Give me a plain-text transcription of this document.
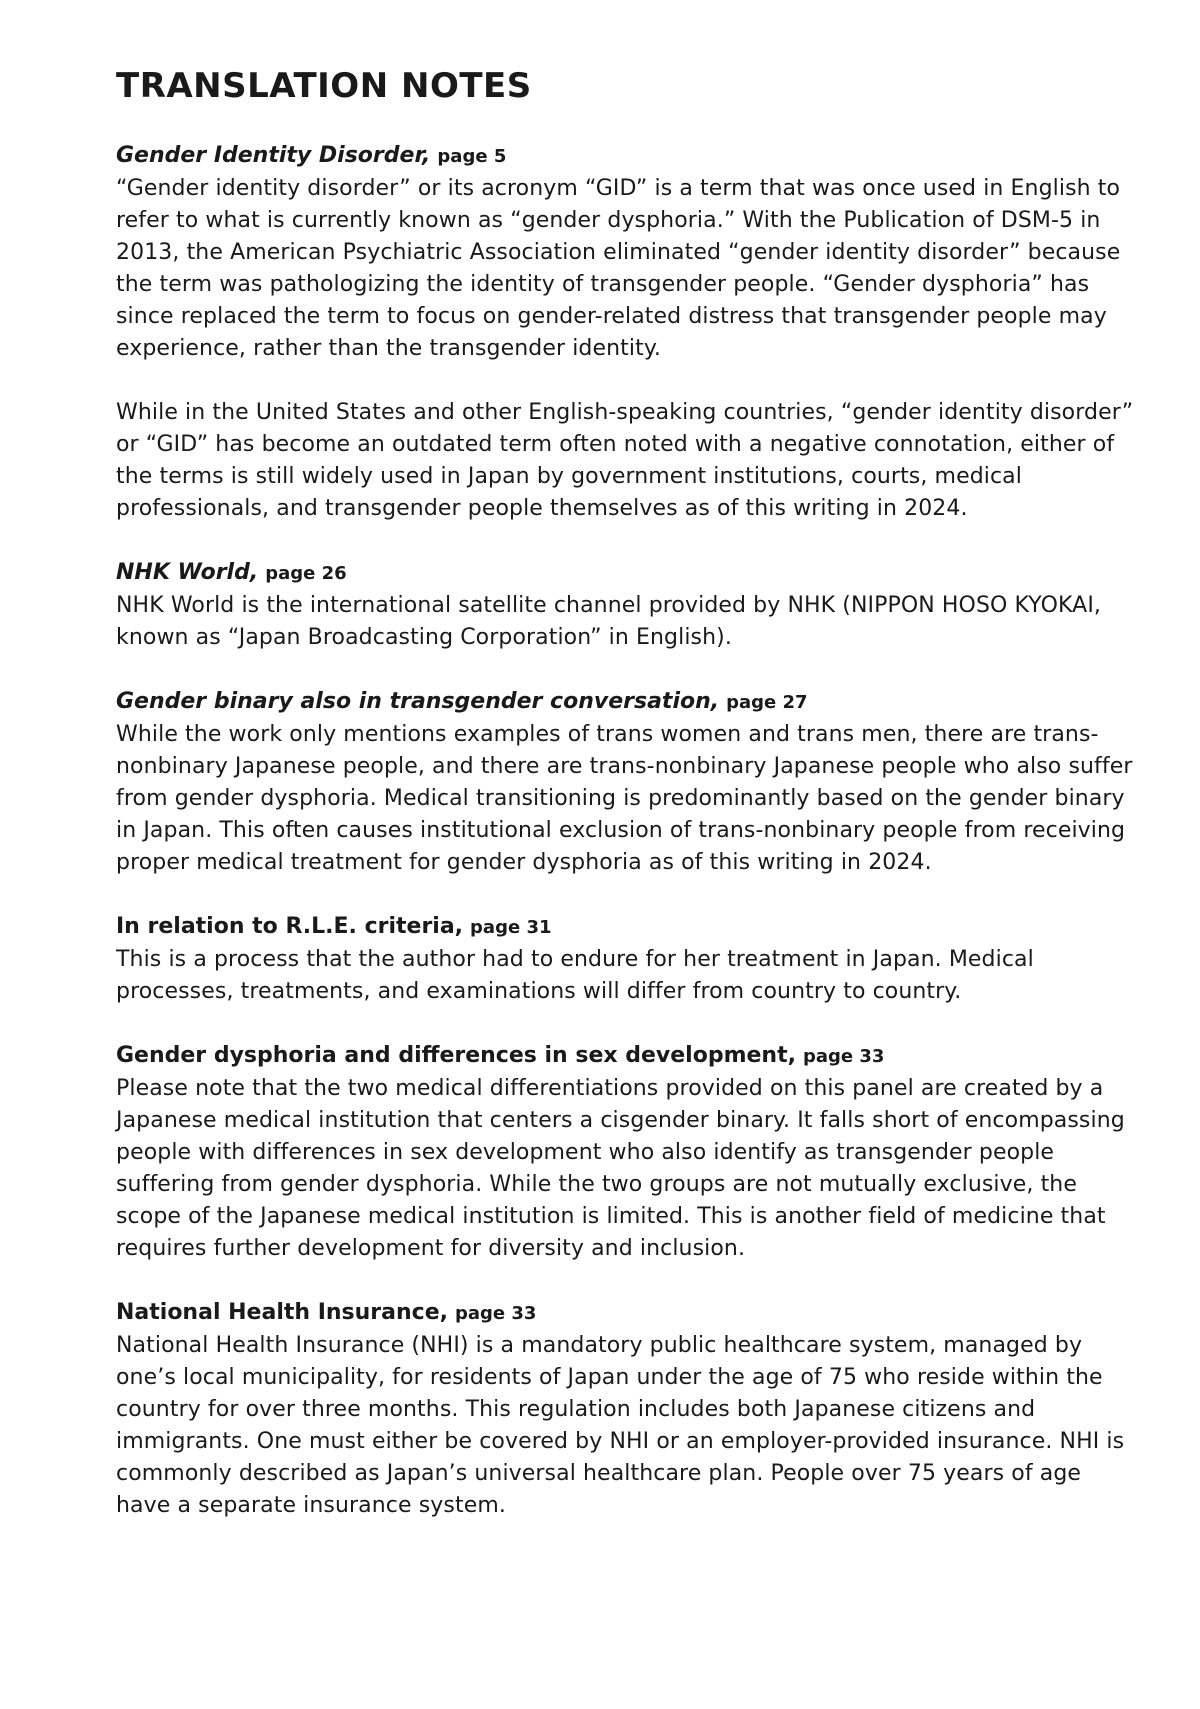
TRANSLATION NOTES

Gender Identity Disorder, page 5

“Gender identity disorder” or its acronym “GID” is a term that was once used in English to refer to what is currently known as “gender dysphoria.” With the Publication of DSM-5 in 2013, the American Psychiatric Association eliminated “gender identity disorder” because the term was pathologizing the identity of transgender people. “Gender dysphoria” has since replaced the term to focus on gender-related distress that transgender people may experience, rather than the transgender identity.

While in the United States and other English-speaking countries, “gender identity disorder” or “GID” has become an outdated term often noted with a negative connotation, either of the terms is still widely used in Japan by government institutions, courts, medical professionals, and transgender people themselves as of this writing in 2024.

NHK World, page 26

NHK World is the international satellite channel provided by NHK (NIPPON HOSO KYOKAI, known as “Japan Broadcasting Corporation” in English).

Gender binary also in transgender conversation, page 27

While the work only mentions examples of trans women and trans men, there are trans-nonbinary Japanese people, and there are trans-nonbinary Japanese people who also suffer from gender dysphoria. Medical transitioning is predominantly based on the gender binary in Japan. This often causes institutional exclusion of trans-nonbinary people from receiving proper medical treatment for gender dysphoria as of this writing in 2024.

In relation to R.L.E. criteria, page 31

This is a process that the author had to endure for her treatment in Japan. Medical processes, treatments, and examinations will differ from country to country.

Gender dysphoria and differences in sex development, page 33

Please note that the two medical differentiations provided on this panel are created by a Japanese medical institution that centers a cisgender binary. It falls short of encompassing people with differences in sex development who also identify as transgender people suffering from gender dysphoria. While the two groups are not mutually exclusive, the scope of the Japanese medical institution is limited. This is another field of medicine that requires further development for diversity and inclusion.

National Health Insurance, page 33

National Health Insurance (NHI) is a mandatory public healthcare system, managed by one’s local municipality, for residents of Japan under the age of 75 who reside within the country for over three months. This regulation includes both Japanese citizens and immigrants. One must either be covered by NHI or an employer-provided insurance. NHI is commonly described as Japan’s universal healthcare plan. People over 75 years of age have a separate insurance system.
